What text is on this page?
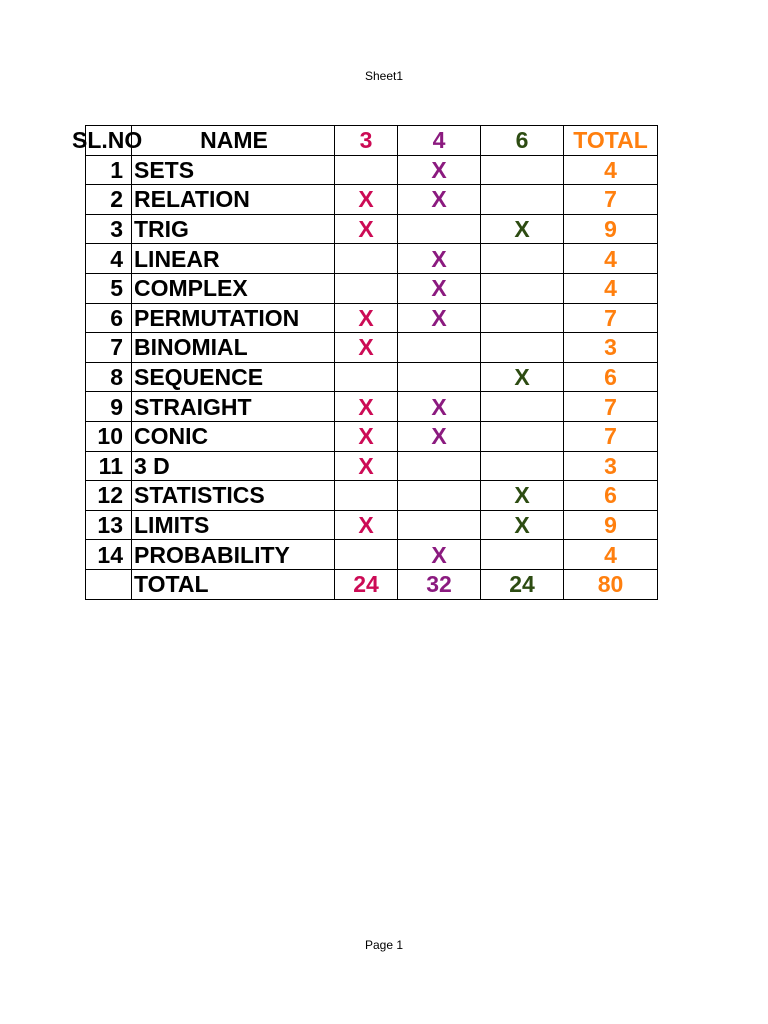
Sheet1
SL.NO	NAME	3	4	6	TOTAL
1	SETS		X		4
2	RELATION	X	X		7
3	TRIG	X		X	9
4	LINEAR		X		4
5	COMPLEX		X		4
6	PERMUTATION	X	X		7
7	BINOMIAL	X			3
8	SEQUENCE			X	6
9	STRAIGHT	X	X		7
10	CONIC	X	X		7
11	3 D	X			3
12	STATISTICS			X	6
13	LIMITS	X		X	9
14	PROBABILITY		X		4
	TOTAL	24	32	24	80
Page 1
